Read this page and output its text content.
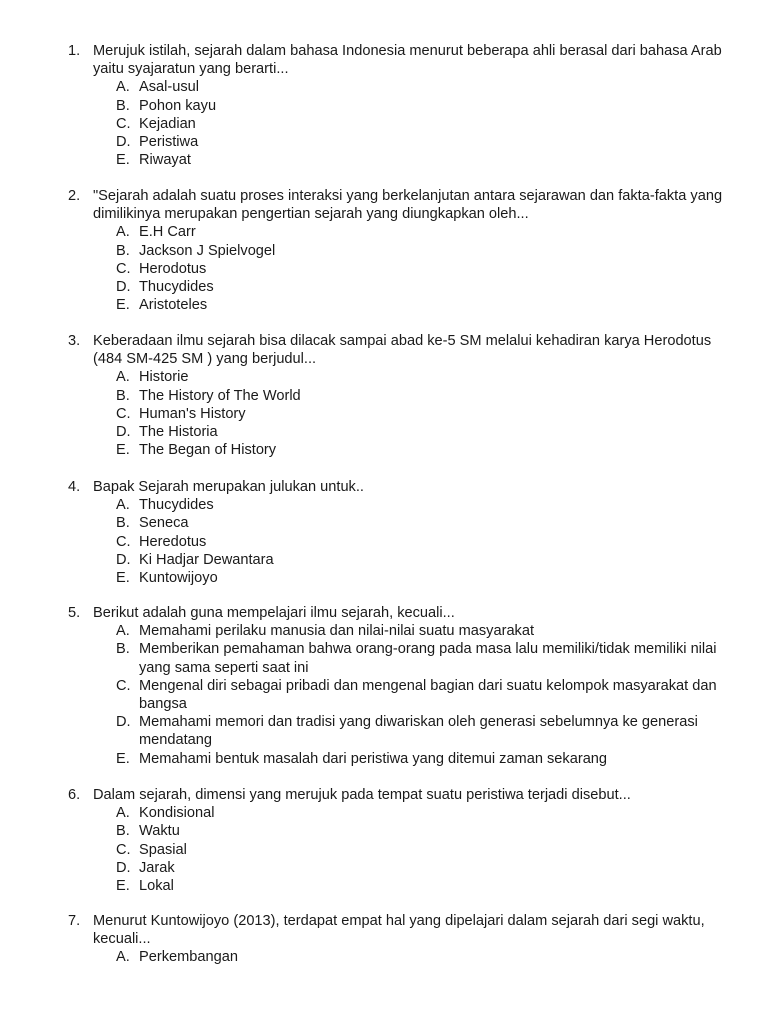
1. Merujuk istilah, sejarah dalam bahasa Indonesia menurut beberapa ahli berasal dari bahasa Arab yaitu syajaratun yang berarti...
A. Asal-usul
B. Pohon kayu
C. Kejadian
D. Peristiwa
E. Riwayat
2. "Sejarah adalah suatu proses interaksi yang berkelanjutan antara sejarawan dan fakta-fakta yang dimilikinya merupakan pengertian sejarah yang diungkapkan oleh...
A. E.H Carr
B. Jackson J Spielvogel
C. Herodotus
D. Thucydides
E. Aristoteles
3. Keberadaan ilmu sejarah bisa dilacak sampai abad ke-5 SM melalui kehadiran karya Herodotus (484 SM-425 SM ) yang berjudul...
A. Historie
B. The History of The World
C. Human's History
D. The Historia
E. The Began of History
4. Bapak Sejarah merupakan julukan untuk..
A. Thucydides
B. Seneca
C. Heredotus
D. Ki Hadjar Dewantara
E. Kuntowijoyo
5. Berikut adalah guna mempelajari ilmu sejarah, kecuali...
A. Memahami perilaku manusia dan nilai-nilai suatu masyarakat
B. Memberikan pemahaman bahwa orang-orang pada masa lalu memiliki/tidak memiliki nilai yang sama seperti saat ini
C. Mengenal diri sebagai pribadi dan mengenal bagian dari suatu kelompok masyarakat dan bangsa
D. Memahami memori dan tradisi yang diwariskan oleh generasi sebelumnya ke generasi mendatang
E. Memahami bentuk masalah dari peristiwa yang ditemui zaman sekarang
6. Dalam sejarah, dimensi yang merujuk pada tempat suatu peristiwa terjadi disebut...
A. Kondisional
B. Waktu
C. Spasial
D. Jarak
E. Lokal
7. Menurut Kuntowijoyo (2013), terdapat empat hal yang dipelajari dalam sejarah dari segi waktu, kecuali...
A. Perkembangan
